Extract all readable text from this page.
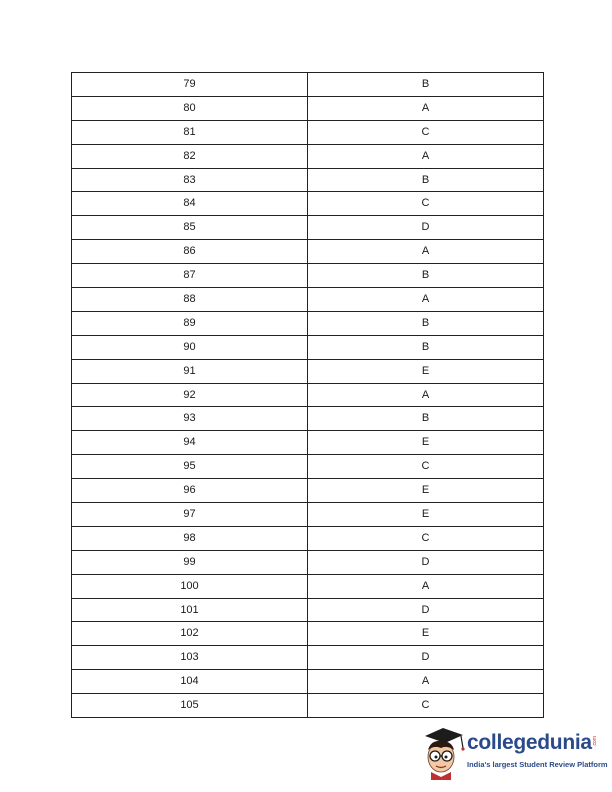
79	B
80	A
81	C
82	A
83	B
84	C
85	D
86	A
87	B
88	A
89	B
90	B
91	E
92	A
93	B
94	E
95	C
96	E
97	E
98	C
99	D
100	A
101	D
102	E
103	D
104	A
105	C
collegedunia .com
India's largest Student Review Platform
